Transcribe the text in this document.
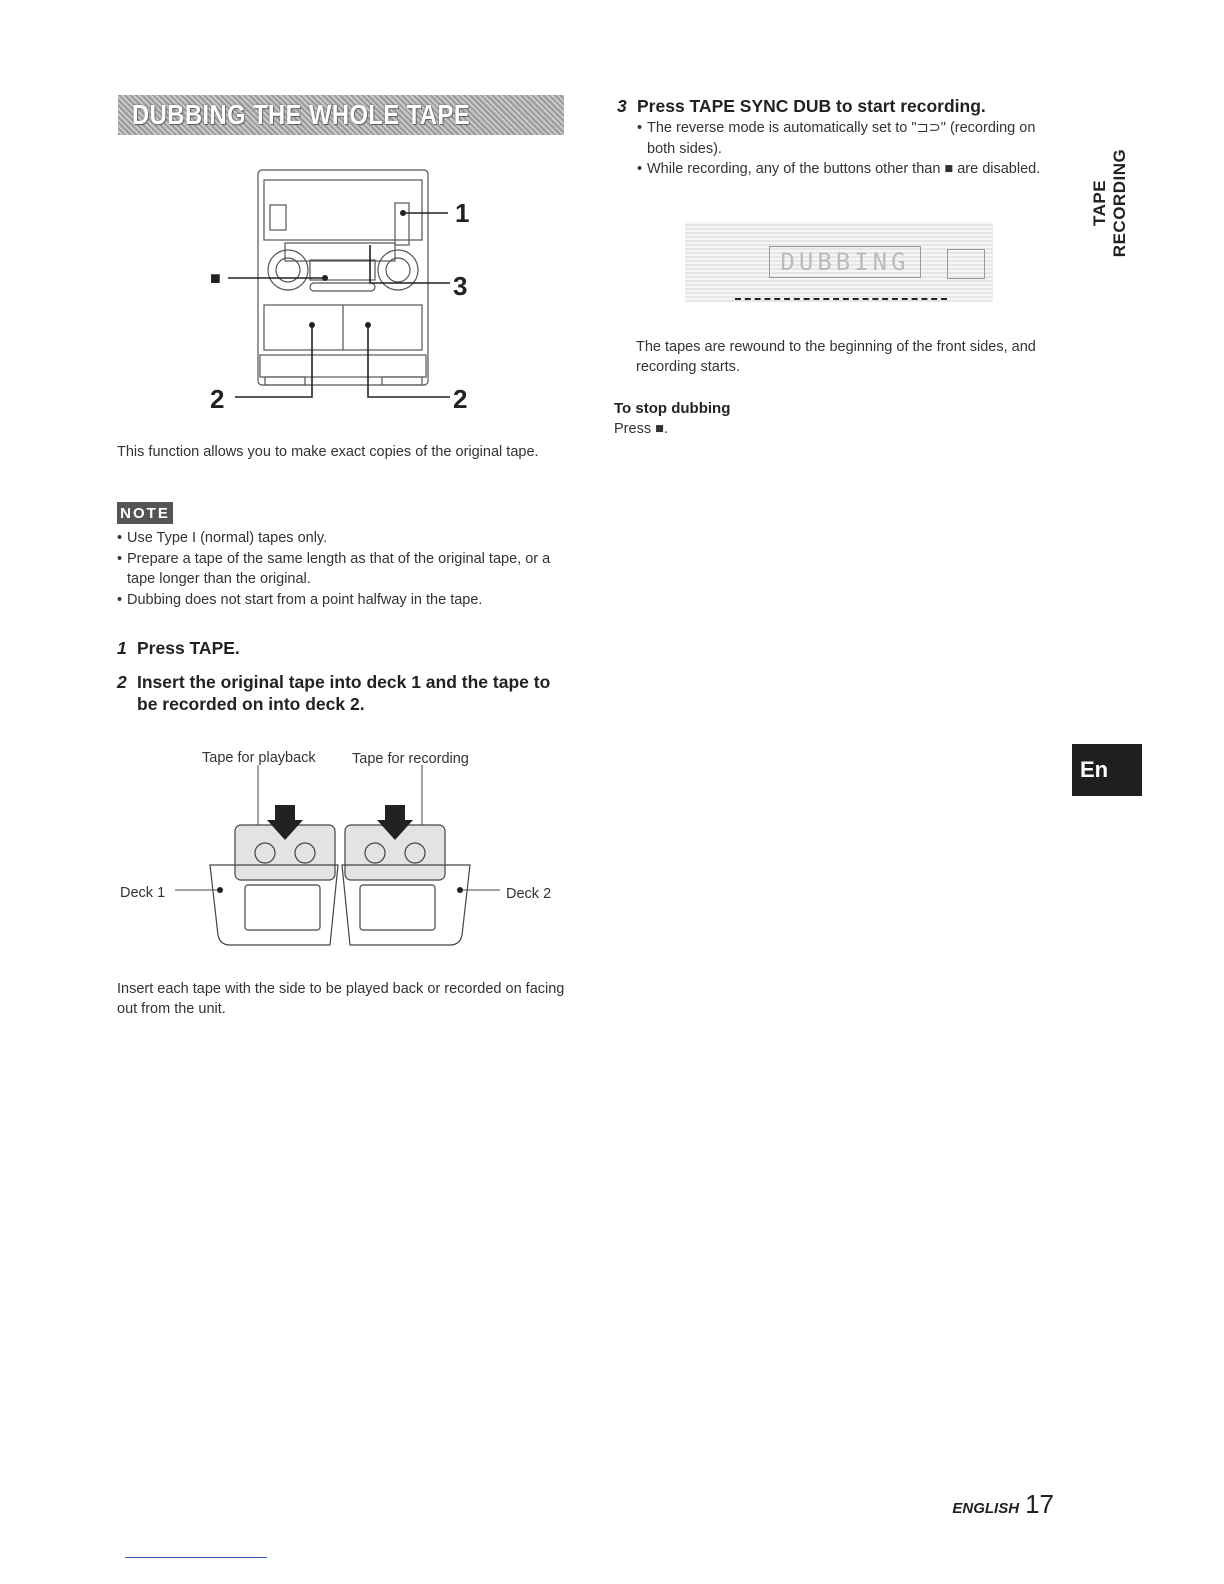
DUBBING THE WHOLE TAPE
1
3
■
2	2
This function allows you to make exact copies of the original tape.
NOTE
• Use Type I (normal) tapes only.
• Prepare a tape of the same length as that of the original tape, or a tape longer than the original.
• Dubbing does not start from a point halfway in the tape.
1 Press TAPE.
2 Insert the original tape into deck 1 and the tape to be recorded on into deck 2.
Tape for playback	Tape for recording
Deck 1	Deck 2
Insert each tape with the side to be played back or recorded on facing out from the unit.
3 Press TAPE SYNC DUB to start recording.
• The reverse mode is automatically set to "⊐⊃" (recording on both sides).
• While recording, any of the buttons other than ■ are disabled.
DUBBING
The tapes are rewound to the beginning of the front sides, and recording starts.
To stop dubbing
Press ■.
TAPE RECORDING
En
ENGLISH 17
